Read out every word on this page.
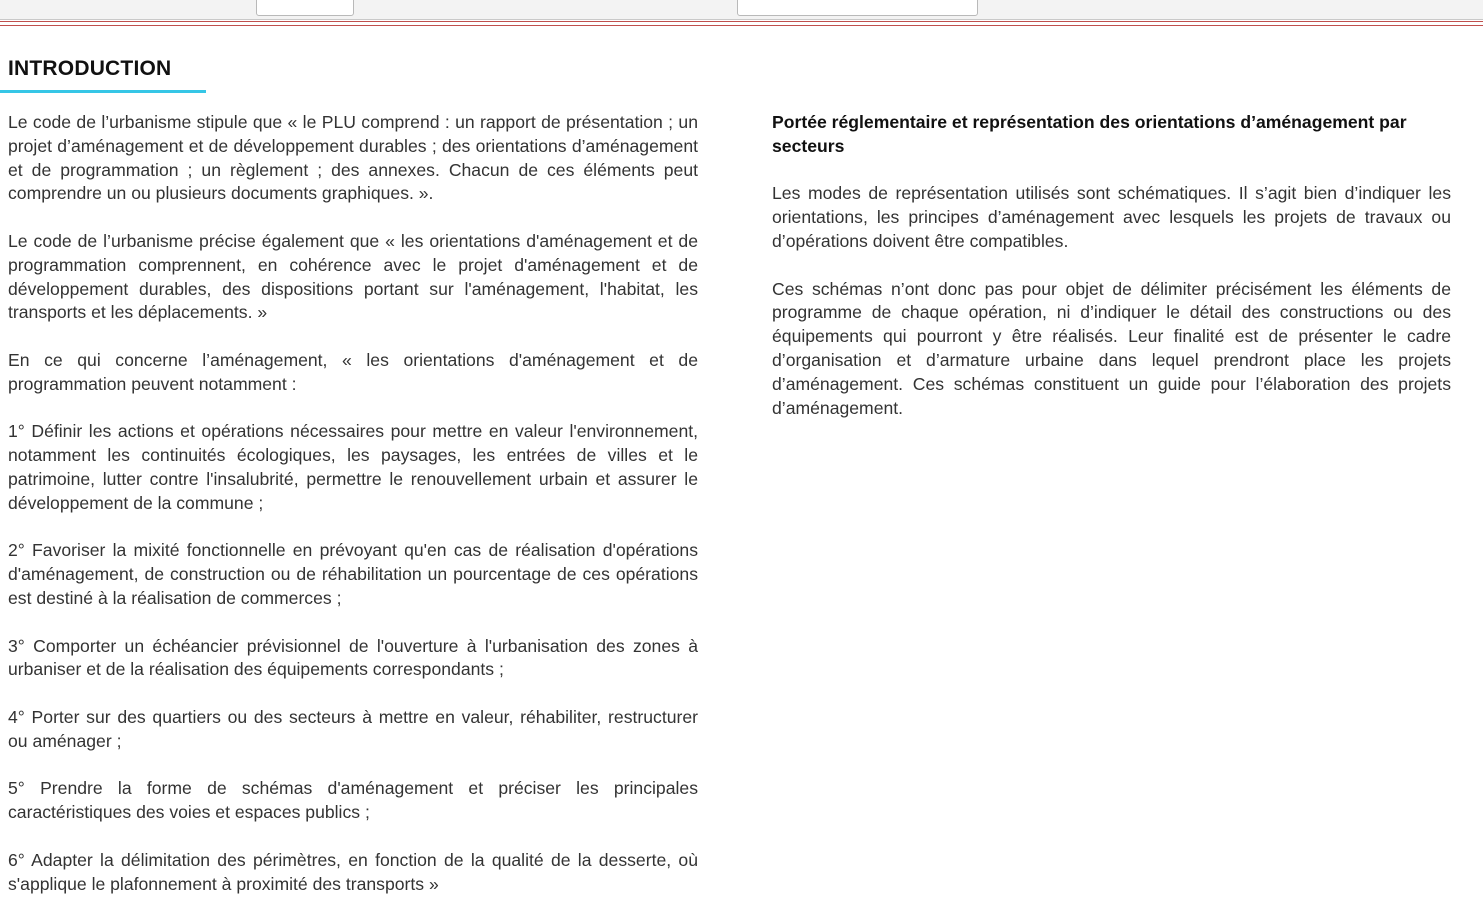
INTRODUCTION

Le code de l’urbanisme stipule que « le PLU comprend : un rapport de présentation ; un projet d’aménagement et de développement durables ; des orientations d’aménagement et de programmation ; un règlement ; des annexes. Chacun de ces éléments peut comprendre un ou plusieurs documents graphiques. ».

Le code de l’urbanisme précise également que « les orientations d'aménagement et de programmation comprennent, en cohérence avec le projet d'aménagement et de développement durables, des dispositions portant sur l'aménagement, l'habitat, les transports et les déplacements. »

En ce qui concerne l’aménagement, « les orientations d'aménagement et de programmation peuvent notamment :

1° Définir les actions et opérations nécessaires pour mettre en valeur l'environnement, notamment les continuités écologiques, les paysages, les entrées de villes et le patrimoine, lutter contre l'insalubrité, permettre le renouvellement urbain et assurer le développement de la commune ;

2° Favoriser la mixité fonctionnelle en prévoyant qu'en cas de réalisation d'opérations d'aménagement, de construction ou de réhabilitation un pourcentage de ces opérations est destiné à la réalisation de commerces ;

3° Comporter un échéancier prévisionnel de l'ouverture à l'urbanisation des zones à urbaniser et de la réalisation des équipements correspondants ;

4° Porter sur des quartiers ou des secteurs à mettre en valeur, réhabiliter, restructurer ou aménager ;

5° Prendre la forme de schémas d'aménagement et préciser les principales caractéristiques des voies et espaces publics ;

6° Adapter la délimitation des périmètres, en fonction de la qualité de la desserte, où s'applique le plafonnement à proximité des transports »

Portée réglementaire et représentation des orientations d’aménagement par secteurs

Les modes de représentation utilisés sont schématiques. Il s’agit bien d’indiquer les orientations, les principes d’aménagement avec lesquels les projets de travaux ou d’opérations doivent être compatibles.

Ces schémas n’ont donc pas pour objet de délimiter précisément les éléments de programme de chaque opération, ni d’indiquer le détail des constructions ou des équipements qui pourront y être réalisés. Leur finalité est de présenter le cadre d’organisation et d’armature urbaine dans lequel prendront place les projets d’aménagement. Ces schémas constituent un guide pour l’élaboration des projets d’aménagement.
